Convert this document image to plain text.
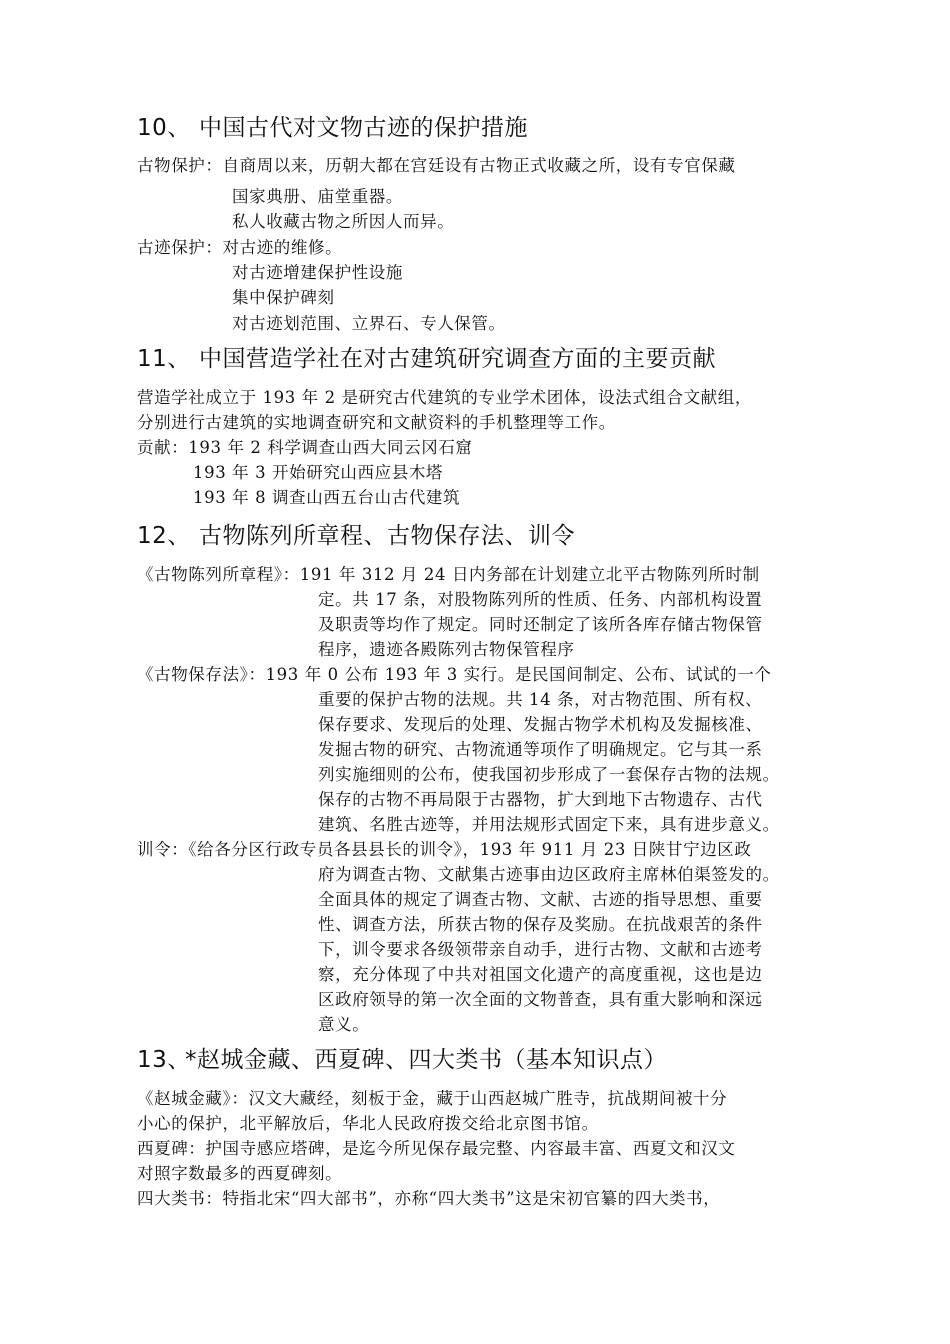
10、 中国古代对文物古迹的保护措施

古物保护：自商周以来，历朝大都在宫廷设有古物正式收藏之所，设有专官保藏

国家典册、庙堂重器。

私人收藏古物之所因人而异。

古迹保护：对古迹的维修。

对古迹增建保护性设施

集中保护碑刻

对古迹划范围、立界石、专人保管。

11、 中国营造学社在对古建筑研究调查方面的主要贡献

营造学社成立于 193 年 2 是研究古代建筑的专业学术团体，设法式组合文献组，

分别进行古建筑的实地调查研究和文献资料的手机整理等工作。

贡献：193 年 2 科学调查山西大同云冈石窟

193 年 3 开始研究山西应县木塔

193 年 8 调查山西五台山古代建筑

12、 古物陈列所章程、古物保存法、训令

《古物陈列所章程》：191 年 312 月 24 日内务部在计划建立北平古物陈列所时制

定。共 17 条，对股物陈列所的性质、任务、内部机构设置

及职责等均作了规定。同时还制定了该所各库存储古物保管

程序，遗迹各殿陈列古物保管程序

《古物保存法》：193 年 0 公布 193 年 3 实行。是民国间制定、公布、试试的一个

重要的保护古物的法规。共 14 条，对古物范围、所有权、

保存要求、发现后的处理、发掘古物学术机构及发掘核准、

发掘古物的研究、古物流通等项作了明确规定。它与其一系

列实施细则的公布，使我国初步形成了一套保存古物的法规。

保存的古物不再局限于古器物，扩大到地下古物遗存、古代

建筑、名胜古迹等，并用法规形式固定下来，具有进步意义。

训令：《给各分区行政专员各县县长的训令》，193 年 911 月 23 日陕甘宁边区政

府为调查古物、文献集古迹事由边区政府主席林伯渠签发的。

全面具体的规定了调查古物、文献、古迹的指导思想、重要

性、调查方法，所获古物的保存及奖励。在抗战艰苦的条件

下，训令要求各级领带亲自动手，进行古物、文献和古迹考

察，充分体现了中共对祖国文化遗产的高度重视，这也是边

区政府领导的第一次全面的文物普查，具有重大影响和深远

意义。

13、*赵城金藏、西夏碑、四大类书（基本知识点）

《赵城金藏》：汉文大藏经，刻板于金，藏于山西赵城广胜寺，抗战期间被十分

小心的保护，北平解放后，华北人民政府拨交给北京图书馆。

西夏碑：护国寺感应塔碑，是迄今所见保存最完整、内容最丰富、西夏文和汉文

对照字数最多的西夏碑刻。

四大类书：特指北宋“四大部书”，亦称“四大类书”这是宋初官纂的四大类书，
